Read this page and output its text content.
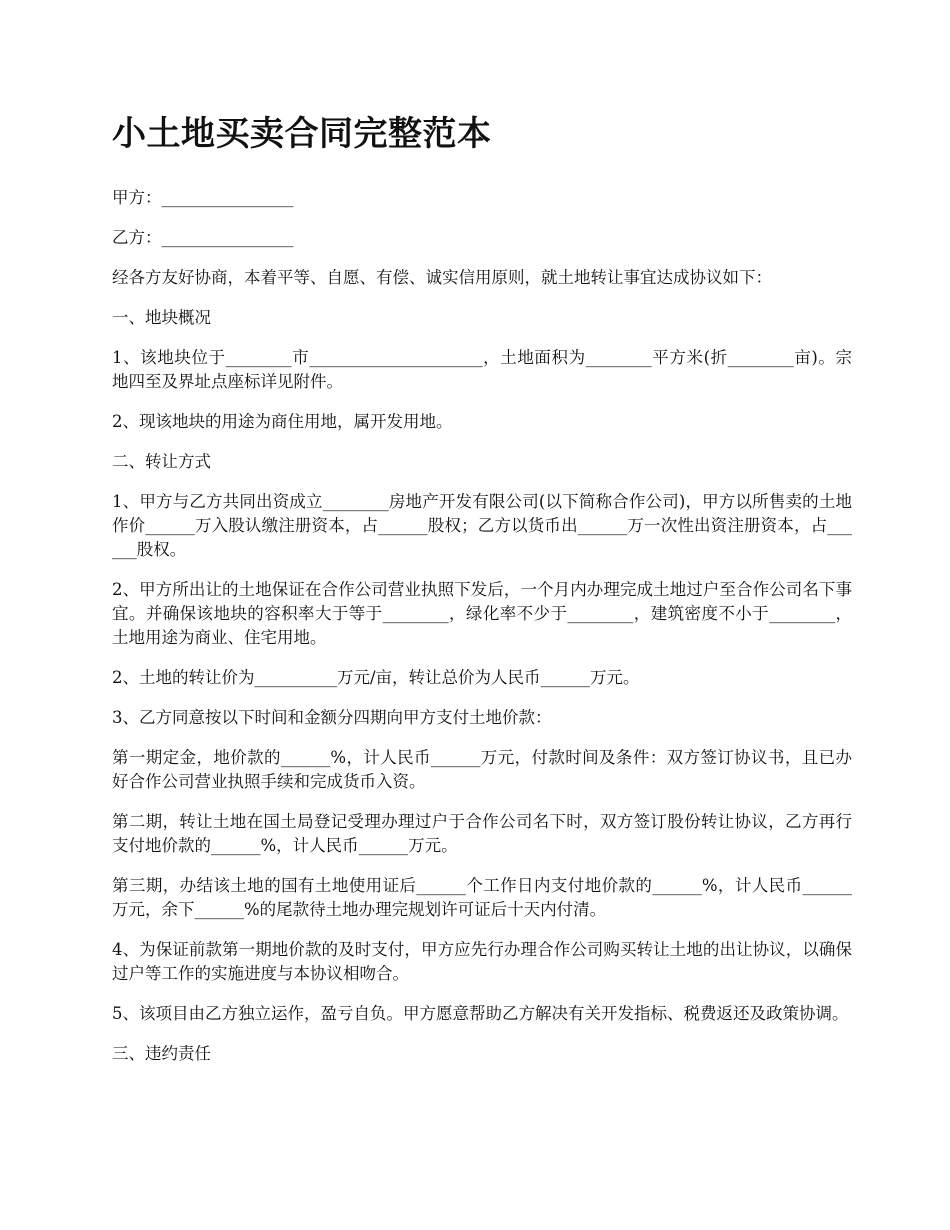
小土地买卖合同完整范本

甲方：________________

乙方：________________

经各方友好协商，本着平等、自愿、有偿、诚实信用原则，就土地转让事宜达成协议如下：

一、地块概况

1、该地块位于________市_____________________，土地面积为________平方米(折________亩)。宗地四至及界址点座标详见附件。

2、现该地块的用途为商住用地，属开发用地。

二、转让方式

1、甲方与乙方共同出资成立________房地产开发有限公司(以下简称合作公司)，甲方以所售卖的土地作价______万入股认缴注册资本，占______股权；乙方以货币出______万一次性出资注册资本，占______股权。

2、甲方所出让的土地保证在合作公司营业执照下发后，一个月内办理完成土地过户至合作公司名下事宜。并确保该地块的容积率大于等于________，绿化率不少于________，建筑密度不小于________，土地用途为商业、住宅用地。

2、土地的转让价为__________万元/亩，转让总价为人民币______万元。

3、乙方同意按以下时间和金额分四期向甲方支付土地价款：

第一期定金，地价款的______%，计人民币______万元，付款时间及条件：双方签订协议书，且已办好合作公司营业执照手续和完成货币入资。

第二期，转让土地在国土局登记受理办理过户于合作公司名下时，双方签订股份转让协议，乙方再行支付地价款的______%，计人民币______万元。

第三期，办结该土地的国有土地使用证后______个工作日内支付地价款的______%，计人民币______万元，余下______%的尾款待土地办理完规划许可证后十天内付清。

4、为保证前款第一期地价款的及时支付，甲方应先行办理合作公司购买转让土地的出让协议，以确保过户等工作的实施进度与本协议相吻合。

5、该项目由乙方独立运作，盈亏自负。甲方愿意帮助乙方解决有关开发指标、税费返还及政策协调。

三、违约责任
